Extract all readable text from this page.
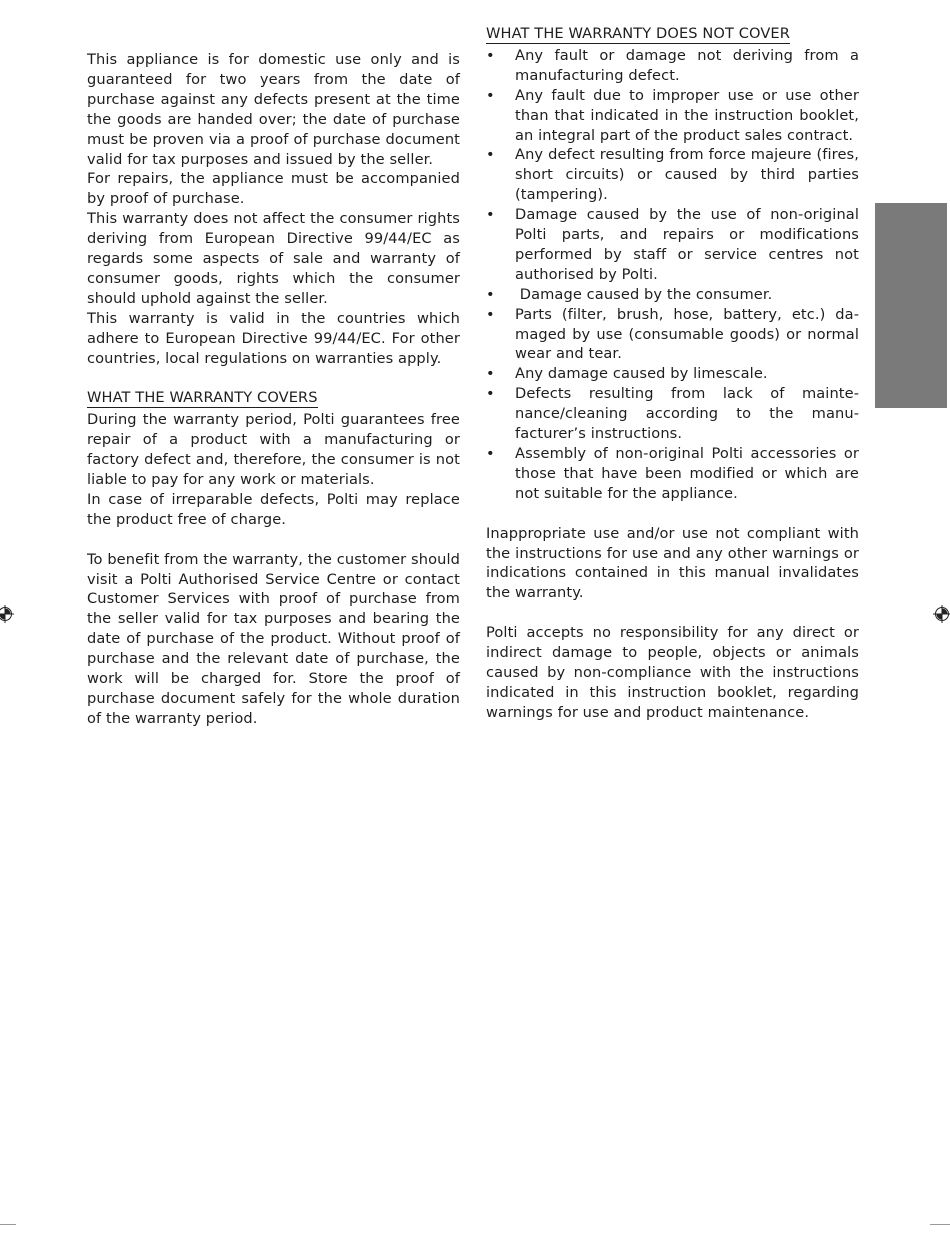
This appliance is for domestic use only and is guaranteed for two years from the date of purchase against any defects present at the time the goods are handed over; the date of purchase must be proven via a proof of purchase document valid for tax purposes and issued by the seller.

For repairs, the appliance must be accompanied by proof of purchase.

This warranty does not affect the consumer rights deriving from European Directive 99/44/EC as regards some aspects of sale and warranty of consumer goods, rights which the consumer should uphold against the seller.

This warranty is valid in the countries which adhere to European Directive 99/44/EC. For other countries, local regulations on warranties apply.

WHAT THE WARRANTY COVERS

During the warranty period, Polti guarantees free repair of a product with a manufacturing or factory defect and, therefore, the consumer is not liable to pay for any work or materials.

In case of irreparable defects, Polti may replace the product free of charge.

To benefit from the warranty, the customer should visit a Polti Authorised Service Centre or contact Customer Services with proof of purchase from the seller valid for tax purposes and bearing the date of purchase of the product. Without proof of purchase and the relevant date of purchase, the work will be charged for. Store the proof of purchase document safely for the whole duration of the warranty period.

WHAT THE WARRANTY DOES NOT COVER
• Any fault or damage not deriving from a manufacturing defect.
• Any fault due to improper use or use other than that indicated in the instruction booklet, an integral part of the product sales contract.
• Any defect resulting from force majeure (fires, short circuits) or caused by third parties (tampering).
• Damage caused by the use of non-original Polti parts, and repairs or modifications performed by staff or service centres not authorised by Polti.
• Damage caused by the consumer.
• Parts (filter, brush, hose, battery, etc.) damaged by use (consumable goods) or normal wear and tear.
• Any damage caused by limescale.
• Defects resulting from lack of maintenance/cleaning according to the manufacturer’s instructions.
• Assembly of non-original Polti accessories or those that have been modified or which are not suitable for the appliance.

Inappropriate use and/or use not compliant with the instructions for use and any other warnings or indications contained in this manual invalidates the warranty.

Polti accepts no responsibility for any direct or indirect damage to people, objects or animals caused by non-compliance with the instructions indicated in this instruction booklet, regarding warnings for use and product maintenance.
